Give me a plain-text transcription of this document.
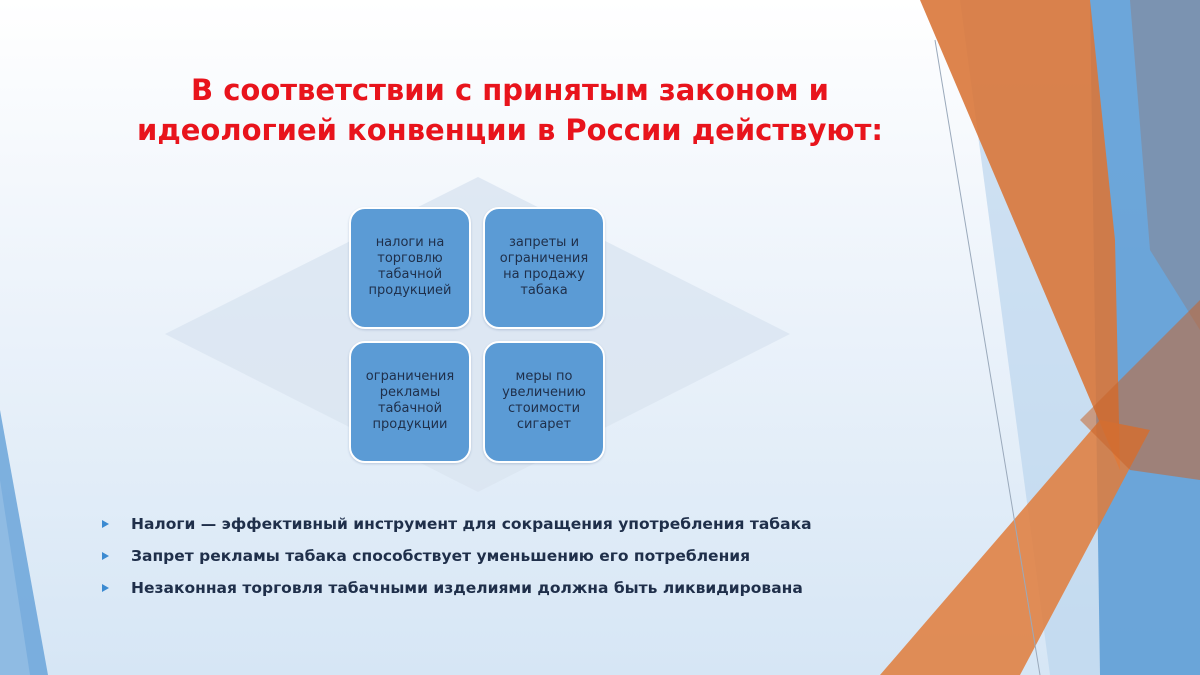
В соответствии с принятым законом и
идеологией конвенции в России действуют:
налоги на
торговлю
табачной
продукцией
запреты и
ограничения
на продажу
табака
ограничения
рекламы
табачной
продукции
меры по
увеличению
стоимости
сигарет
Налоги — эффективный инструмент для сокращения употребления табака
Запрет рекламы табака способствует уменьшению его потребления
Незаконная торговля табачными изделиями должна быть ликвидирована
